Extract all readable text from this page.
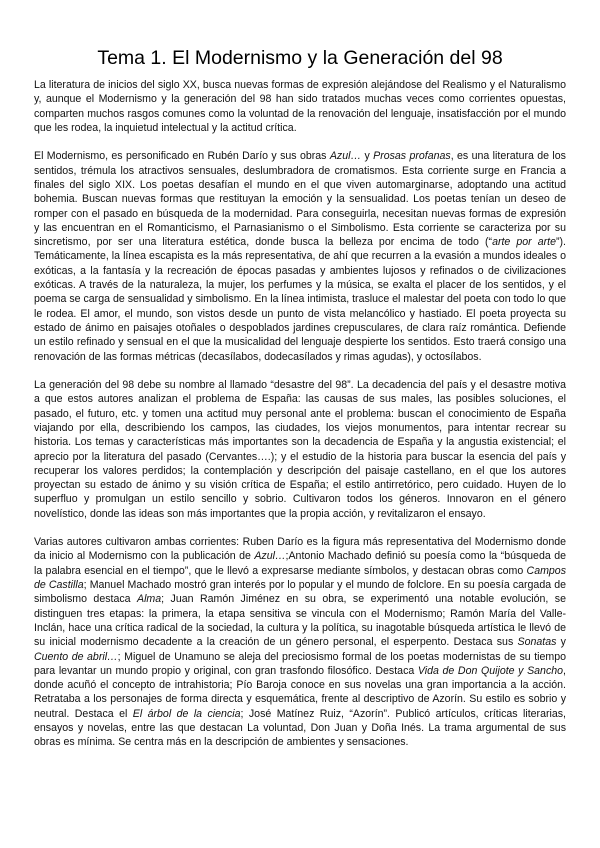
Tema 1. El Modernismo y la Generación del 98

La literatura de inicios del siglo XX, busca nuevas formas de expresión alejándose del Realismo y el Naturalismo y, aunque el Modernismo y la generación del 98 han sido tratados muchas veces como corrientes opuestas, comparten muchos rasgos comunes como la voluntad de la renovación del lenguaje, insatisfacción por el mundo que les rodea, la inquietud intelectual y la actitud crítica.

El Modernismo, es personificado en Rubén Darío y sus obras Azul… y Prosas profanas, es una literatura de los sentidos, trémula los atractivos sensuales, deslumbradora de cromatismos. Esta corriente surge en Francia a finales del siglo XIX. Los poetas desafían el mundo en el que viven automarginarse, adoptando una actitud bohemia. Buscan nuevas formas que restituyan la emoción y la sensualidad. Los poetas tenían un deseo de romper con el pasado en búsqueda de la modernidad. Para conseguirla, necesitan nuevas formas de expresión y las encuentran en el Romanticismo, el Parnasianismo o el Simbolismo. Esta corriente se caracteriza por su sincretismo, por ser una literatura estética, donde busca la belleza por encima de todo (“arte por arte”). Temáticamente, la línea escapista es la más representativa, de ahí que recurren a la evasión a mundos ideales o exóticas, a la fantasía y la recreación de épocas pasadas y ambientes lujosos y refinados o de civilizaciones exóticas. A través de la naturaleza, la mujer, los perfumes y la música, se exalta el placer de los sentidos, y el poema se carga de sensualidad y simbolismo. En la línea intimista, trasluce el malestar del poeta con todo lo que le rodea. El amor, el mundo, son vistos desde un punto de vista melancólico y hastiado. El poeta proyecta su estado de ánimo en paisajes otoñales o despoblados jardines crepusculares, de clara raíz romántica. Defiende un estilo refinado y sensual en el que la musicalidad del lenguaje despierte los sentidos. Esto traerá consigo una renovación de las formas métricas (decasílabos, dodecasílados y rimas agudas), y octosílabos.

La generación del 98 debe su nombre al llamado “desastre del 98”. La decadencia del país y el desastre motiva a que estos autores analizan el problema de España: las causas de sus males, las posibles soluciones, el pasado, el futuro, etc. y tomen una actitud muy personal ante el problema: buscan el conocimiento de España viajando por ella, describiendo los campos, las ciudades, los viejos monumentos, para intentar recrear su historia. Los temas y características más importantes son la decadencia de España y la angustia existencial; el aprecio por la literatura del pasado (Cervantes….); y el estudio de la historia para buscar la esencia del país y recuperar los valores perdidos; la contemplación y descripción del paisaje castellano, en el que los autores proyectan su estado de ánimo y su visión crítica de España; el estilo antirretórico, pero cuidado. Huyen de lo superfluo y promulgan un estilo sencillo y sobrio. Cultivaron todos los géneros. Innovaron en el género novelístico, donde las ideas son más importantes que la propia acción, y revitalizaron el ensayo.

Varias autores cultivaron ambas corrientes: Ruben Darío es la figura más representativa del Modernismo donde da inicio al Modernismo con la publicación de Azul…;Antonio Machado definió su poesía como la “búsqueda de la palabra esencial en el tiempo”, que le llevó a expresarse mediante símbolos, y destacan obras como Campos de Castilla; Manuel Machado mostró gran interés por lo popular y el mundo de folclore. En su poesía cargada de simbolismo destaca Alma; Juan Ramón Jiménez en su obra, se experimentó una notable evolución, se distinguen tres etapas: la primera, la etapa sensitiva se vincula con el Modernismo; Ramón María del Valle-Inclán, hace una crítica radical de la sociedad, la cultura y la política, su inagotable búsqueda artística le llevó de su inicial modernismo decadente a la creación de un género personal, el esperpento. Destaca sus Sonatas y Cuento de abril…; Miguel de Unamuno se aleja del preciosismo formal de los poetas modernistas de su tiempo para levantar un mundo propio y original, con gran trasfondo filosófico. Destaca Vida de Don Quijote y Sancho, donde acuñó el concepto de intrahistoria; Pío Baroja conoce en sus novelas una gran importancia a la acción. Retrataba a los personajes de forma directa y esquemática, frente al descriptivo de Azorín. Su estilo es sobrio y neutral. Destaca el El árbol de la ciencia; José Matínez Ruiz, “Azorín”. Publicó artículos, críticas literarias, ensayos y novelas, entre las que destacan La voluntad, Don Juan y Doña Inés. La trama argumental de sus obras es mínima. Se centra más en la descripción de ambientes y sensaciones.
